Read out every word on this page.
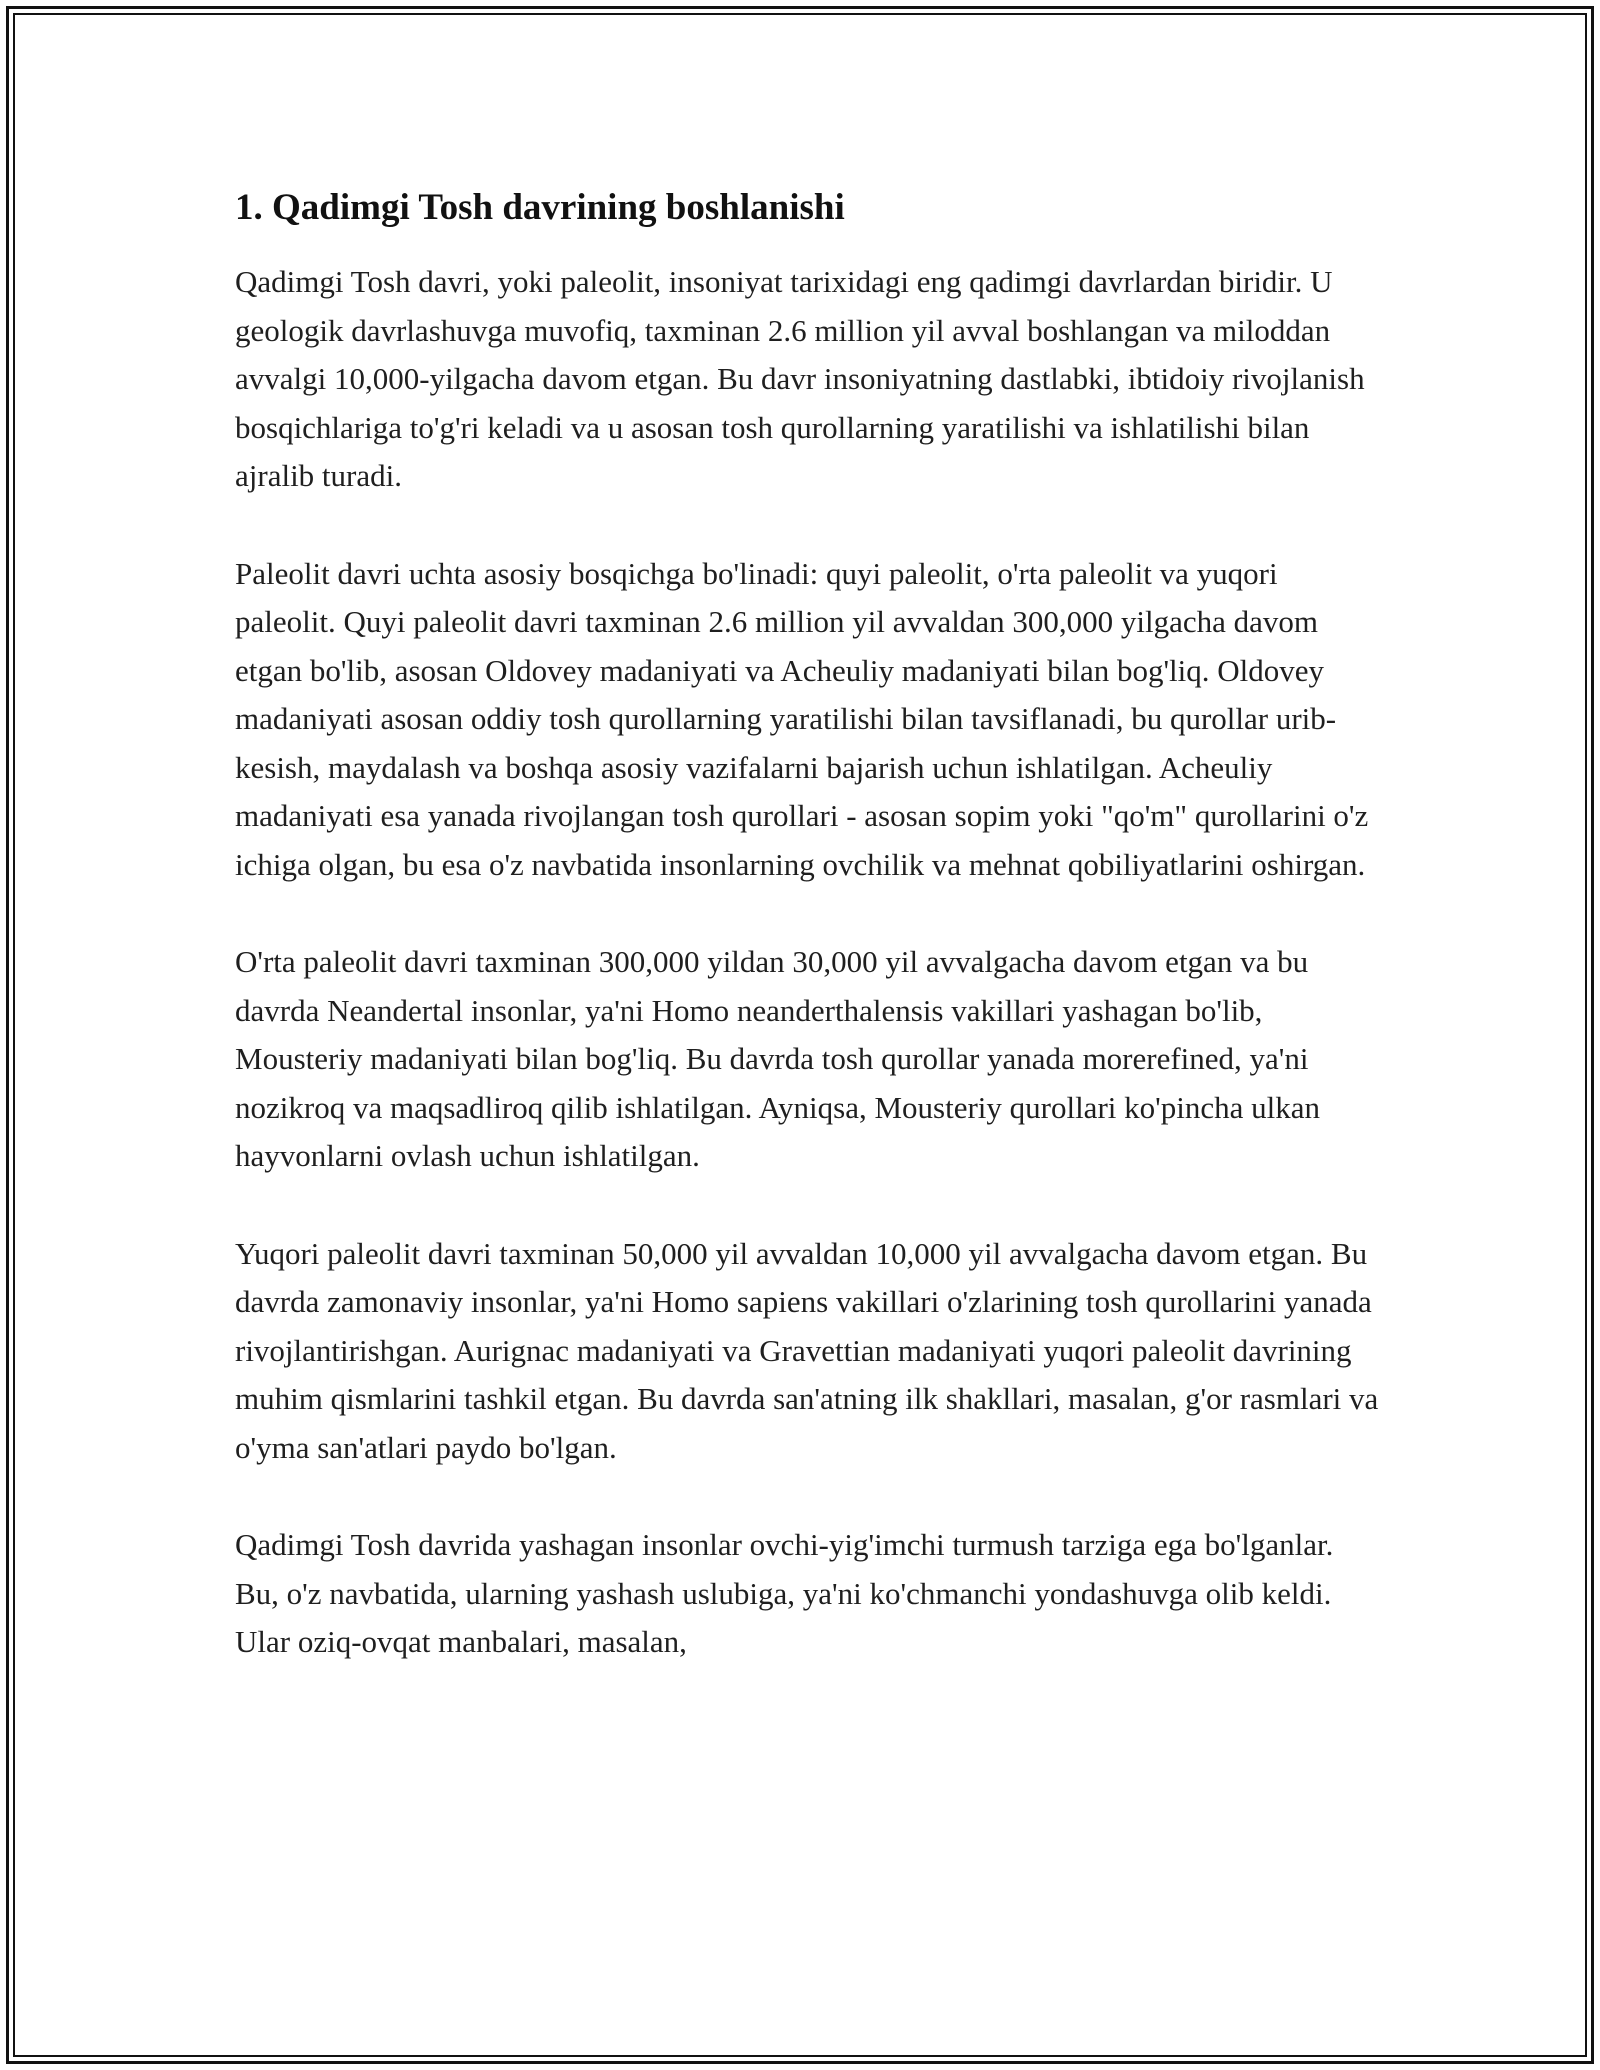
1. Qadimgi Tosh davrining boshlanishi

Qadimgi Tosh davri, yoki paleolit, insoniyat tarixidagi eng qadimgi davrlardan biridir. U geologik davrlashuvga muvofiq, taxminan 2.6 million yil avval boshlangan va miloddan avvalgi 10,000-yilgacha davom etgan. Bu davr insoniyatning dastlabki, ibtidoiy rivojlanish bosqichlariga to'g'ri keladi va u asosan tosh qurollarning yaratilishi va ishlatilishi bilan ajralib turadi.

Paleolit davri uchta asosiy bosqichga bo'linadi: quyi paleolit, o'rta paleolit va yuqori paleolit. Quyi paleolit davri taxminan 2.6 million yil avvaldan 300,000 yilgacha davom etgan bo'lib, asosan Oldovey madaniyati va Acheuliy madaniyati bilan bog'liq. Oldovey madaniyati asosan oddiy tosh qurollarning yaratilishi bilan tavsiflanadi, bu qurollar urib-kesish, maydalash va boshqa asosiy vazifalarni bajarish uchun ishlatilgan. Acheuliy madaniyati esa yanada rivojlangan tosh qurollari - asosan sopim yoki "qo'm" qurollarini o'z ichiga olgan, bu esa o'z navbatida insonlarning ovchilik va mehnat qobiliyatlarini oshirgan.

O'rta paleolit davri taxminan 300,000 yildan 30,000 yil avvalgacha davom etgan va bu davrda Neandertal insonlar, ya'ni Homo neanderthalensis vakillari yashagan bo'lib, Mousteriy madaniyati bilan bog'liq. Bu davrda tosh qurollar yanada morerefined, ya'ni nozikroq va maqsadliroq qilib ishlatilgan. Ayniqsa, Mousteriy qurollari ko'pincha ulkan hayvonlarni ovlash uchun ishlatilgan.

Yuqori paleolit davri taxminan 50,000 yil avvaldan 10,000 yil avvalgacha davom etgan. Bu davrda zamonaviy insonlar, ya'ni Homo sapiens vakillari o'zlarining tosh qurollarini yanada rivojlantirishgan. Aurignac madaniyati va Gravettian madaniyati yuqori paleolit davrining muhim qismlarini tashkil etgan. Bu davrda san'atning ilk shakllari, masalan, g'or rasmlari va o'yma san'atlari paydo bo'lgan.

Qadimgi Tosh davrida yashagan insonlar ovchi-yig'imchi turmush tarziga ega bo'lganlar. Bu, o'z navbatida, ularning yashash uslubiga, ya'ni ko'chmanchi yondashuvga olib keldi. Ular oziq-ovqat manbalari, masalan,
